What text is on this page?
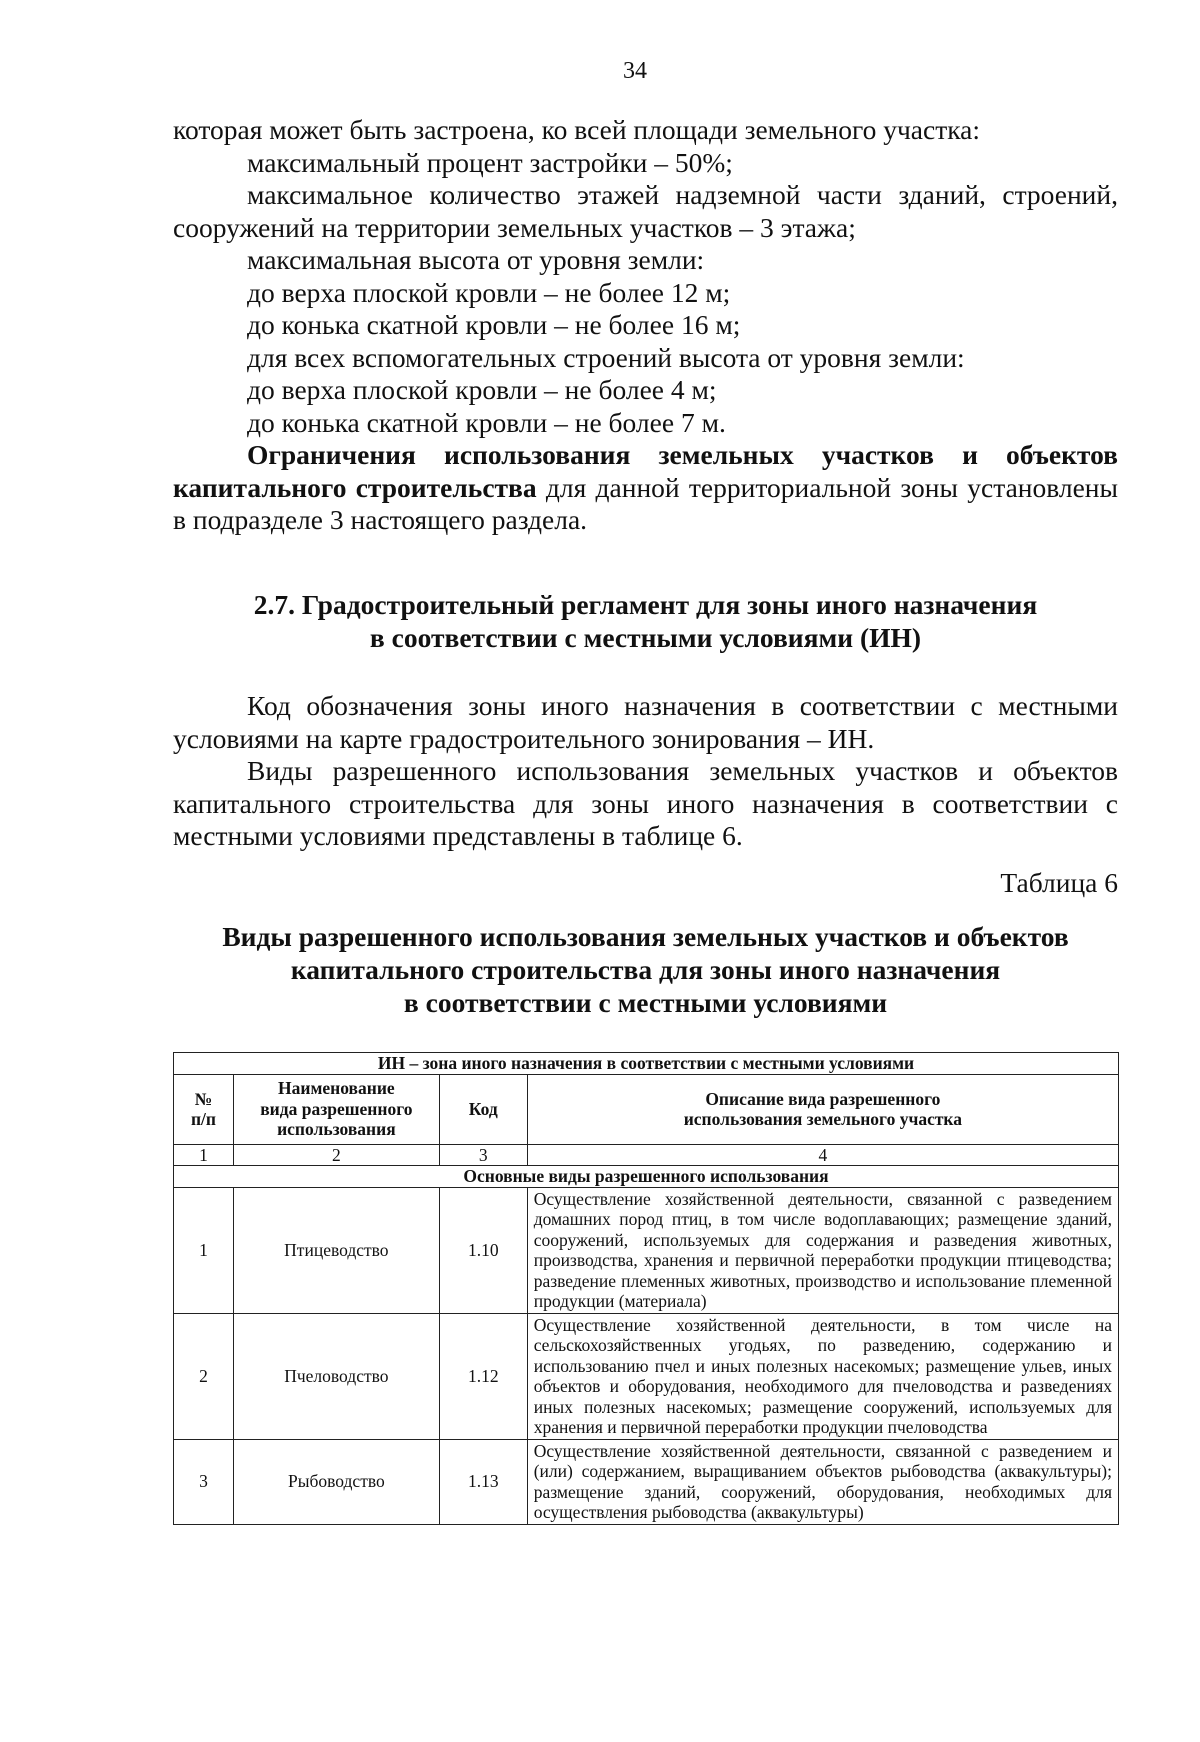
34

которая может быть застроена, ко всей площади земельного участка:

максимальный процент застройки – 50%;

максимальное количество этажей надземной части зданий, строений, сооружений на территории земельных участков – 3 этажа;

максимальная высота от уровня земли:

до верха плоской кровли – не более 12 м;

до конька скатной кровли – не более 16 м;

для всех вспомогательных строений высота от уровня земли:

до верха плоской кровли – не более 4 м;

до конька скатной кровли – не более 7 м.

Ограничения использования земельных участков и объектов капитального строительства для данной территориальной зоны установлены в подразделе 3 настоящего раздела.

2.7. Градостроительный регламент для зоны иного назначения
в соответствии с местными условиями (ИН)

Код обозначения зоны иного назначения в соответствии с местными условиями на карте градостроительного зонирования – ИН.

Виды разрешенного использования земельных участков и объектов капитального строительства для зоны иного назначения в соответствии с местными условиями представлены в таблице 6.

Таблица 6

Виды разрешенного использования земельных участков и объектов
капитального строительства для зоны иного назначения
в соответствии с местными условиями
ИН – зона иного назначения в соответствии с местными условиями			

№
п/п	Наименование
вида разрешенного
использования	Код	Описание вида разрешенного
использования земельного участка

1	2	3	4
Основные виды разрешенного использования			
1	Птицеводство	1.10	Осуществление хозяйственной деятельности, связанной с разведением домашних пород птиц, в том числе водоплавающих; размещение зданий, сооружений, используемых для содержания и разведения животных, производства, хранения и первичной переработки продукции птицеводства; разведение племенных животных, производство и использование племенной продукции (материала)
2	Пчеловодство	1.12	Осуществление хозяйственной деятельности, в том числе на сельскохозяйственных угодьях, по разведению, содержанию и использованию пчел и иных полезных насекомых; размещение ульев, иных объектов и оборудования, необходимого для пчеловодства и разведениях иных полезных насекомых; размещение сооружений, используемых для хранения и первичной переработки продукции пчеловодства
3	Рыбоводство	1.13	Осуществление хозяйственной деятельности, связанной с разведением и (или) содержанием, выращиванием объектов рыбоводства (аквакультуры); размещение зданий, сооружений, оборудования, необходимых для осуществления рыбоводства (аквакультуры)
